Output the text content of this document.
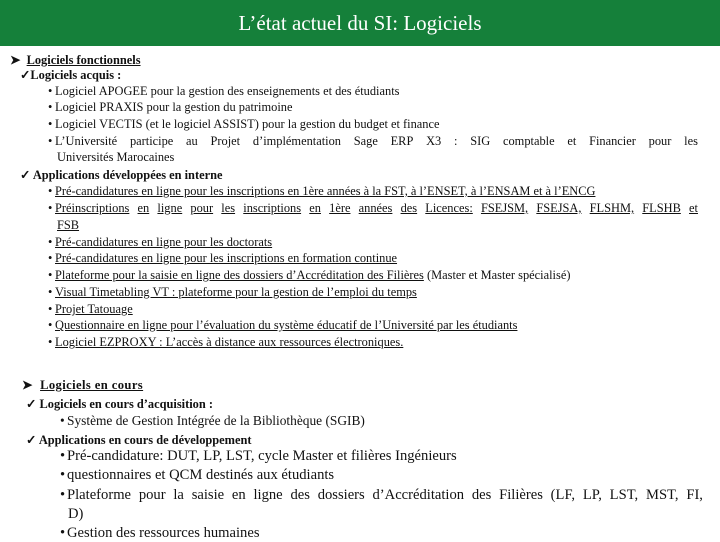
L’état actuel du SI: Logiciels
➤ Logiciels fonctionnels
✓Logiciels acquis :
• Logiciel APOGEE pour la gestion des enseignements et des étudiants
• Logiciel PRAXIS pour la gestion du patrimoine
• Logiciel VECTIS (et le logiciel ASSIST) pour la gestion du budget et finance
• L’Université participe au Projet d’implémentation Sage ERP X3 : SIG comptable et Financier pour les
Universités Marocaines
✓ Applications développées en interne
• Pré-candidatures en ligne pour les inscriptions en 1ère années à la FST, à l’ENSET, à l’ENSAM et à l’ENCG
• Préinscriptions en ligne pour les inscriptions en 1ère années des Licences: FSEJSM, FSEJSA, FLSHM, FLSHB et
FSB
• Pré-candidatures en ligne pour les doctorats
• Pré-candidatures en ligne pour les inscriptions en formation continue
• Plateforme pour la saisie en ligne des dossiers d’Accréditation des Filières (Master et Master spécialisé)
• Visual Timetabling VT : plateforme pour la gestion de l’emploi du temps
• Projet Tatouage
• Questionnaire en ligne pour l’évaluation du système éducatif de l’Université par les étudiants
• Logiciel EZPROXY : L’accès à distance aux ressources électroniques.
➤ Logiciels en cours
✓ Logiciels en cours d’acquisition :
• Système de Gestion Intégrée de la Bibliothèque (SGIB)
✓ Applications en cours de développement
• Pré-candidature: DUT, LP, LST, cycle Master et filières Ingénieurs
• questionnaires et QCM destinés aux étudiants
• Plateforme pour la saisie en ligne des dossiers d’Accréditation des Filières (LF, LP, LST, MST, FI,
D)
• Gestion des ressources humaines
